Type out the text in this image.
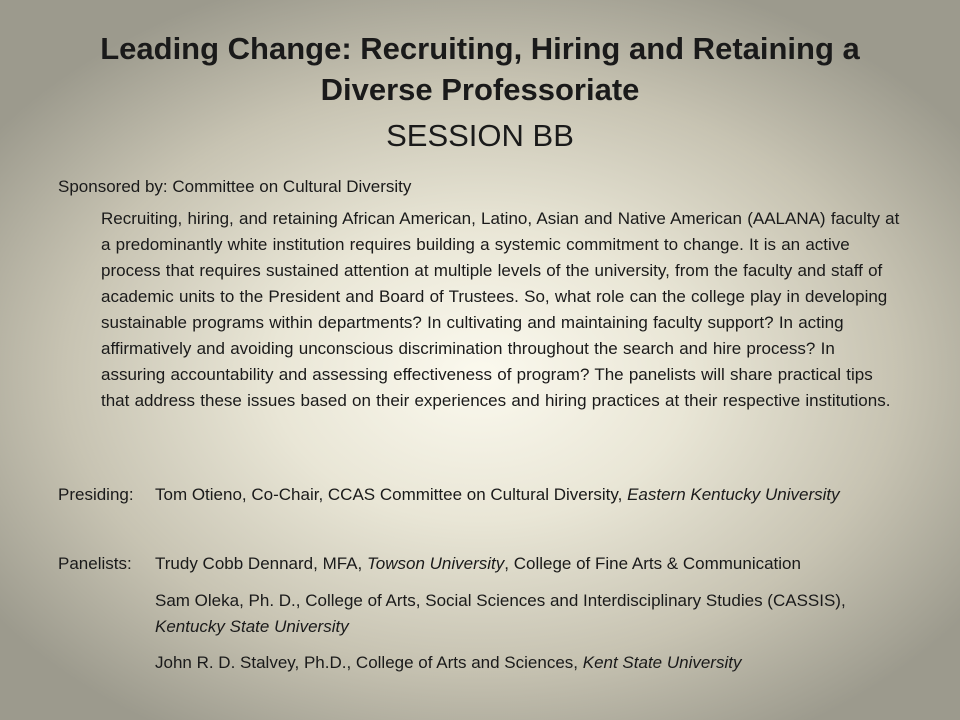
Leading Change: Recruiting, Hiring and Retaining a
Diverse Professoriate
SESSION BB
Sponsored by: Committee on Cultural Diversity
Recruiting, hiring, and retaining African American, Latino, Asian and Native American (AALANA) faculty at a predominantly white institution requires building a systemic commitment to change. It is an active process that requires sustained attention at multiple levels of the university, from the faculty and staff of academic units to the President and Board of Trustees. So, what role can the college play in developing sustainable programs within departments? In cultivating and maintaining faculty support? In acting affirmatively and avoiding unconscious discrimination throughout the search and hire process? In assuring accountability and assessing effectiveness of program? The panelists will share practical tips that address these issues based on their experiences and hiring practices at their respective institutions.
Presiding: Tom Otieno, Co-Chair, CCAS Committee on Cultural Diversity, Eastern Kentucky University
Panelists: Trudy Cobb Dennard, MFA, Towson University, College of Fine Arts & Communication
Sam Oleka, Ph. D., College of Arts, Social Sciences and Interdisciplinary Studies (CASSIS), Kentucky State University
John R. D. Stalvey, Ph.D., College of Arts and Sciences, Kent State University
